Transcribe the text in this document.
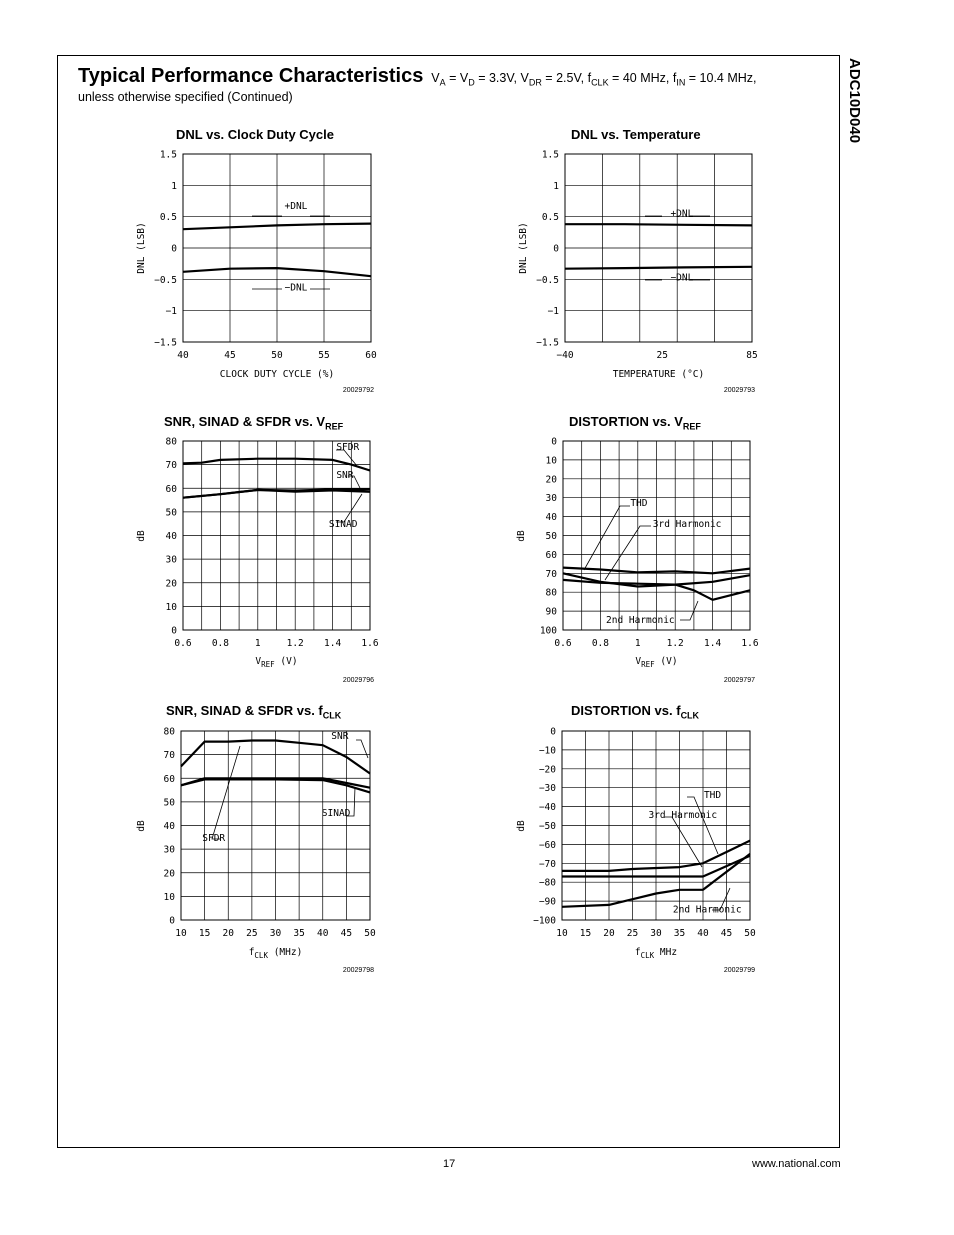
Typical Performance Characteristics  $V_A = V_D = 3.3V$, $V_{DR} = 2.5V$, $f_{CLK} = 40$ MHz, $f_{IN} = 10.4$ MHz,
unless otherwise specified (Continued)	ADC10D040
DNL vs. Clock Duty Cycle	DNL vs. Temperature
SNR, SINAD & SFDR vs. $V_{REF}$	DISTORTION vs. $V_{REF}$
SNR, SINAD & SFDR vs. $f_{CLK}$	DISTORTION vs. $f_{CLK}$
40	45	50	55	60
−1.5
−1
−0.5
0
0.5
1
1.5
CLOCK DUTY CYCLE (%)
DNL (LSB)
+DNL
−DNL
20029792
−40	25	85
−1.5
−1
−0.5
0
0.5
1
1.5
TEMPERATURE (°C)
DNL (LSB)
+DNL
−DNL
20029793
0.6 0.8	1	1.2 1.4 1.6
0
10
20
30
40
50
60
70
80
$V_{REF}$ (V)
dB
SFDR
SNR
SINAD
20029796
0.6 0.8	1	1.2 1.4 1.6
0
10
20
30
40
50
60
70
80
90
100
$V_{REF}$ (V)
dB
THD
3rd Harmonic
2nd Harmonic
20029797
10 15 20 25 30 35 40 45 50
0
10
20
30
40
50
60
70
80
$f_{CLK}$ (MHz)
dB
SNR
SINAD
SFDR
20029798
10 15 20 25 30 35 40 45 50
−100
−90
−80
−70
−60
−50
−40
−30
−20
−10
0
$f_{CLK}$ MHz
dB
THD
3rd Harmonic
2nd Harmonic
20029799
17	www.national.com
